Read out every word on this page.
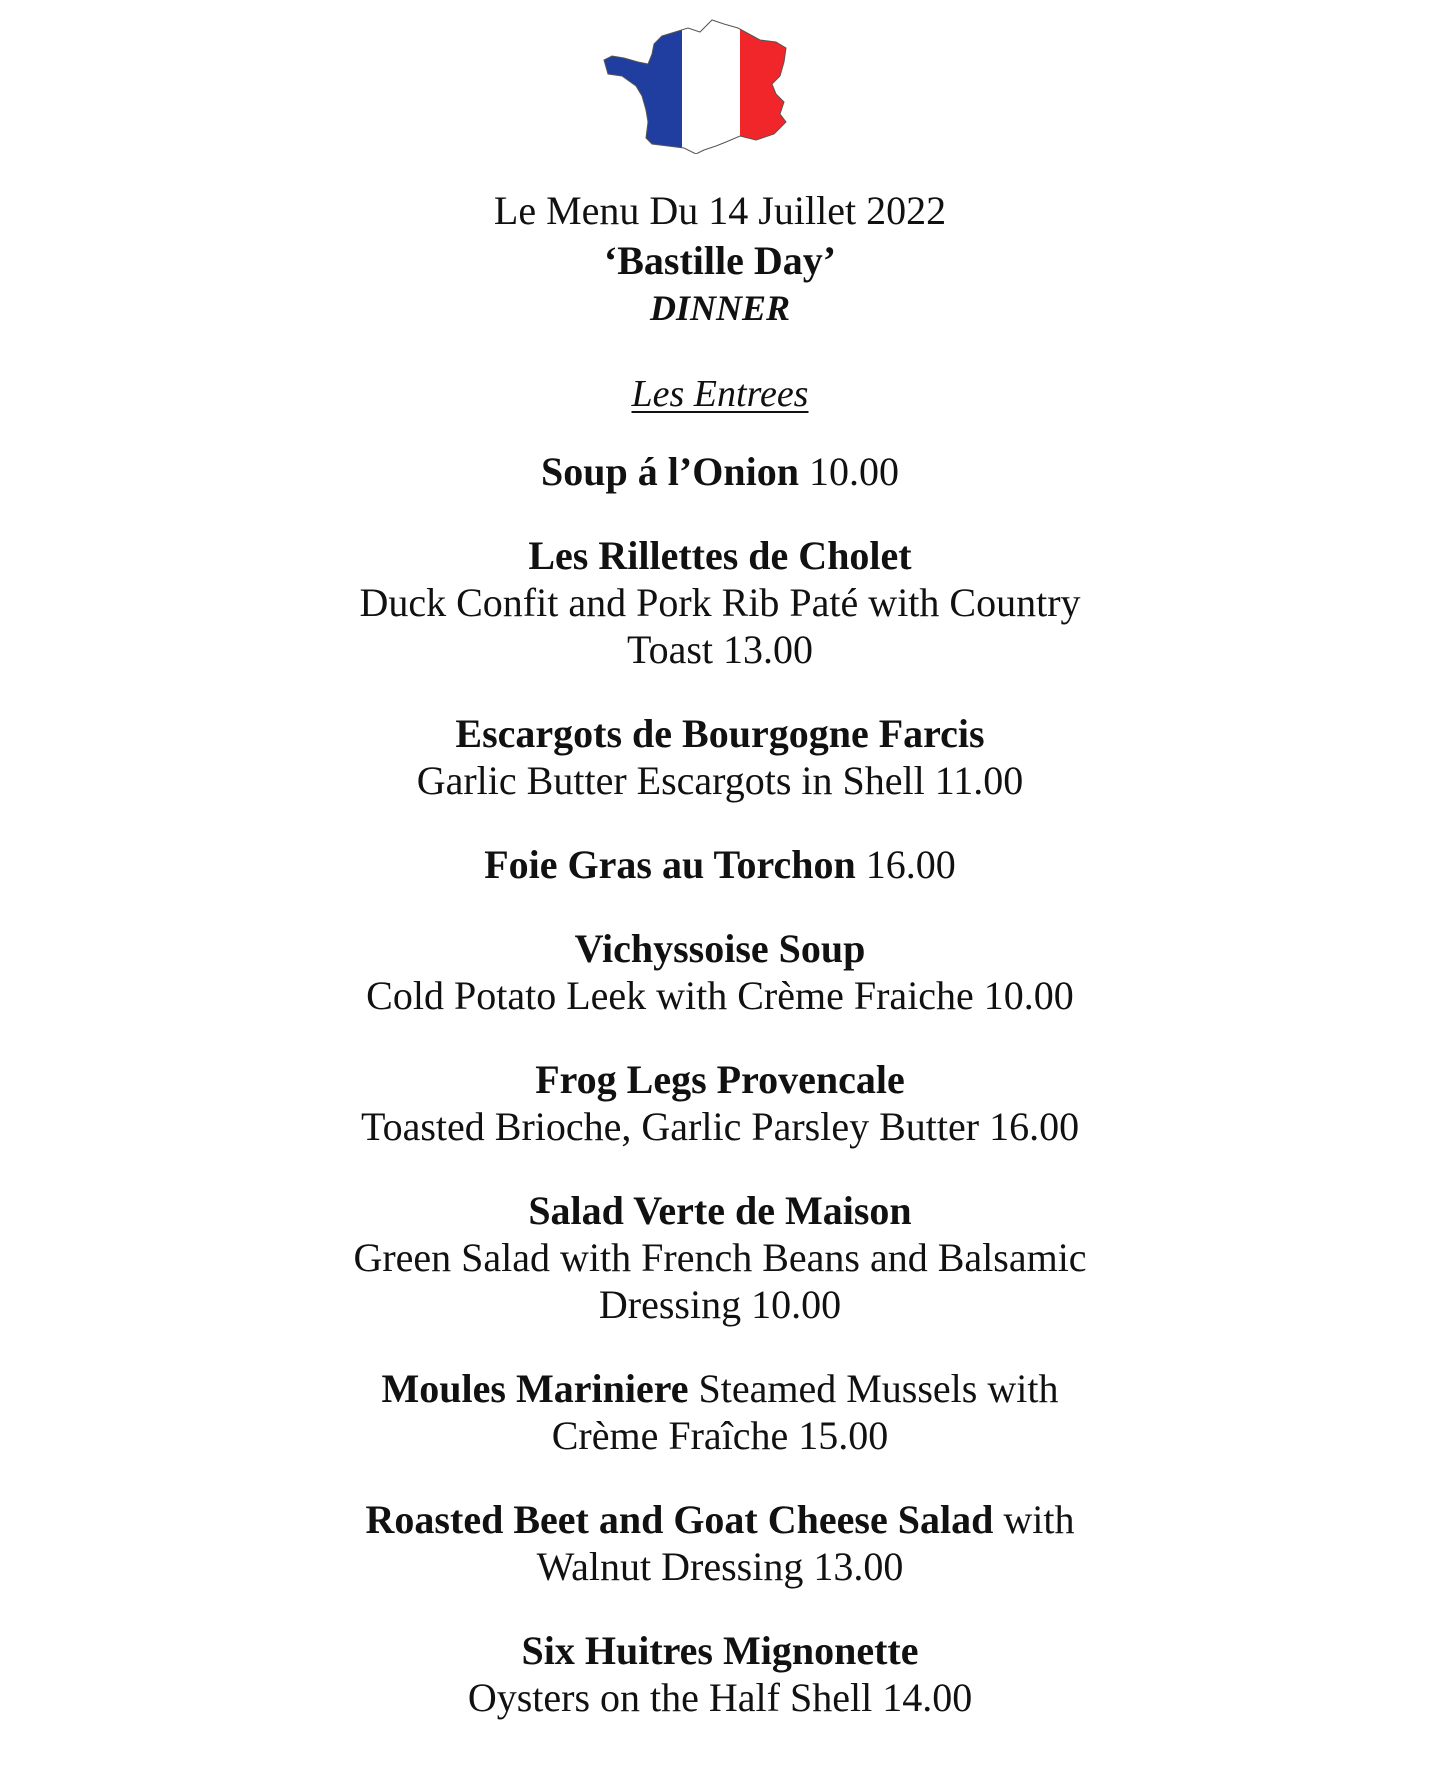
Le Menu Du 14 Juillet 2022
‘Bastille Day’
DINNER
Les Entrees
Soup á l’Onion 10.00
Les Rillettes de Cholet
Duck Confit and Pork Rib Paté with Country Toast 13.00
Escargots de Bourgogne Farcis
Garlic Butter Escargots in Shell 11.00
Foie Gras au Torchon 16.00
Vichyssoise Soup
Cold Potato Leek with Crème Fraiche 10.00
Frog Legs Provencale
Toasted Brioche, Garlic Parsley Butter 16.00
Salad Verte de Maison
Green Salad with French Beans and Balsamic Dressing 10.00
Moules Mariniere Steamed Mussels with Crème Fraîche 15.00
Roasted Beet and Goat Cheese Salad with Walnut Dressing 13.00
Six Huitres Mignonette
Oysters on the Half Shell 14.00
